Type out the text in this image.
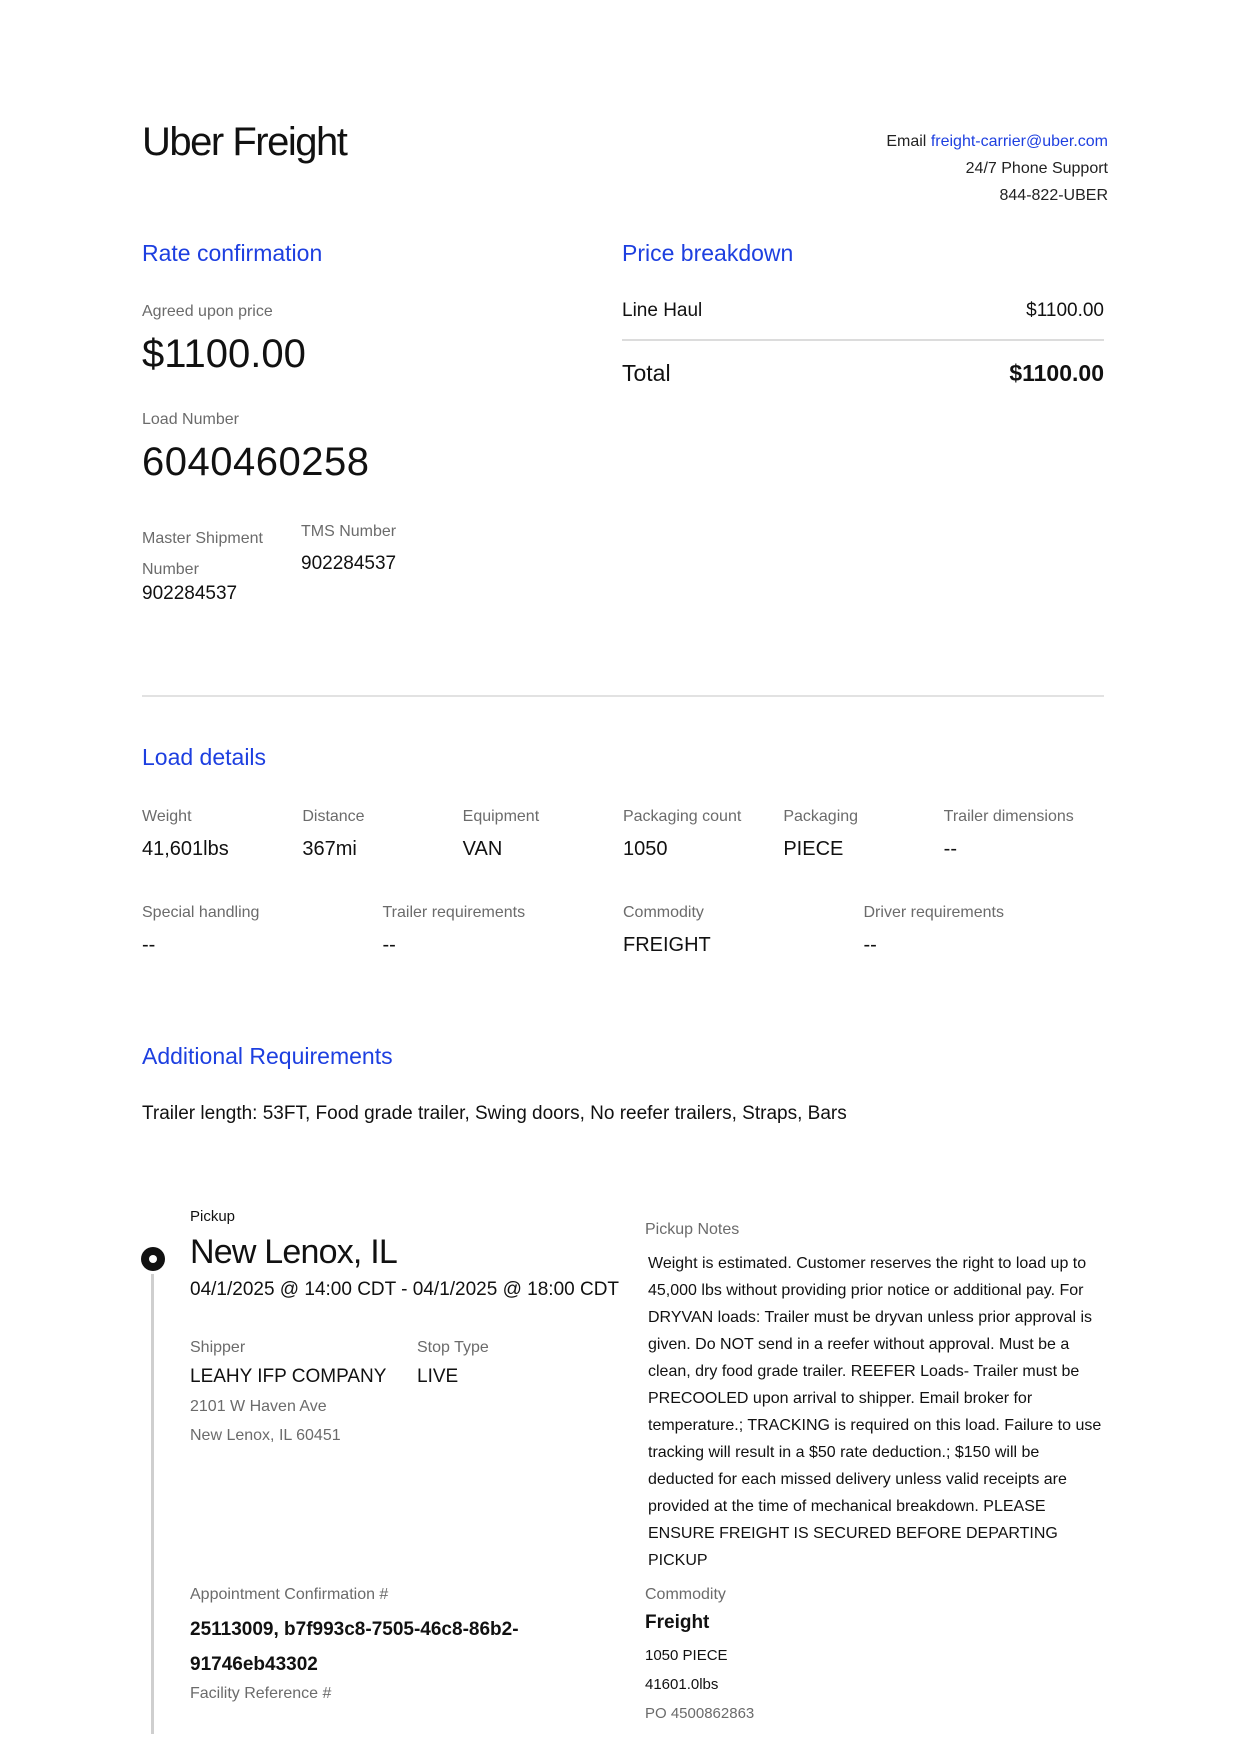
Uber Freight	Email freight-carrier@uber.com
24/7 Phone Support
844-822-UBER
Rate confirmation
Agreed upon price
$1100.00
Load Number
6040460258
Master Shipment
Number
902284537
TMS Number
902284537
Price breakdown
Line Haul	$1100.00
Total	$1100.00
Load details
Weight
41,601lbs
Distance
367mi
Equipment
VAN
Packaging count
1050
Packaging
PIECE
Trailer dimensions
--
Special handling
--
Trailer requirements
--
Commodity
FREIGHT
Driver requirements
--
Additional Requirements
Trailer length: 53FT, Food grade trailer, Swing doors, No reefer trailers, Straps, Bars
Pickup
New Lenox, IL
04/1/2025 @ 14:00 CDT - 04/1/2025 @ 18:00 CDT
Shipper
LEAHY IFP COMPANY
2101 W Haven Ave
New Lenox, IL 60451
Stop Type
LIVE
Pickup Notes
Weight is estimated. Customer reserves the right to load up to 45,000 lbs without providing prior notice or additional pay. For DRYVAN loads: Trailer must be dryvan unless prior approval is given. Do NOT send in a reefer without approval. Must be a clean, dry food grade trailer. REEFER Loads- Trailer must be PRECOOLED upon arrival to shipper. Email broker for temperature.; TRACKING is required on this load. Failure to use tracking will result in a $50 rate deduction.; $150 will be deducted for each missed delivery unless valid receipts are provided at the time of mechanical breakdown. PLEASE ENSURE FREIGHT IS SECURED BEFORE DEPARTING PICKUP
Appointment Confirmation #
25113009, b7f993c8-7505-46c8-86b2-
91746eb43302
Facility Reference #
Commodity
Freight
1050 PIECE
41601.0lbs
PO 4500862863
